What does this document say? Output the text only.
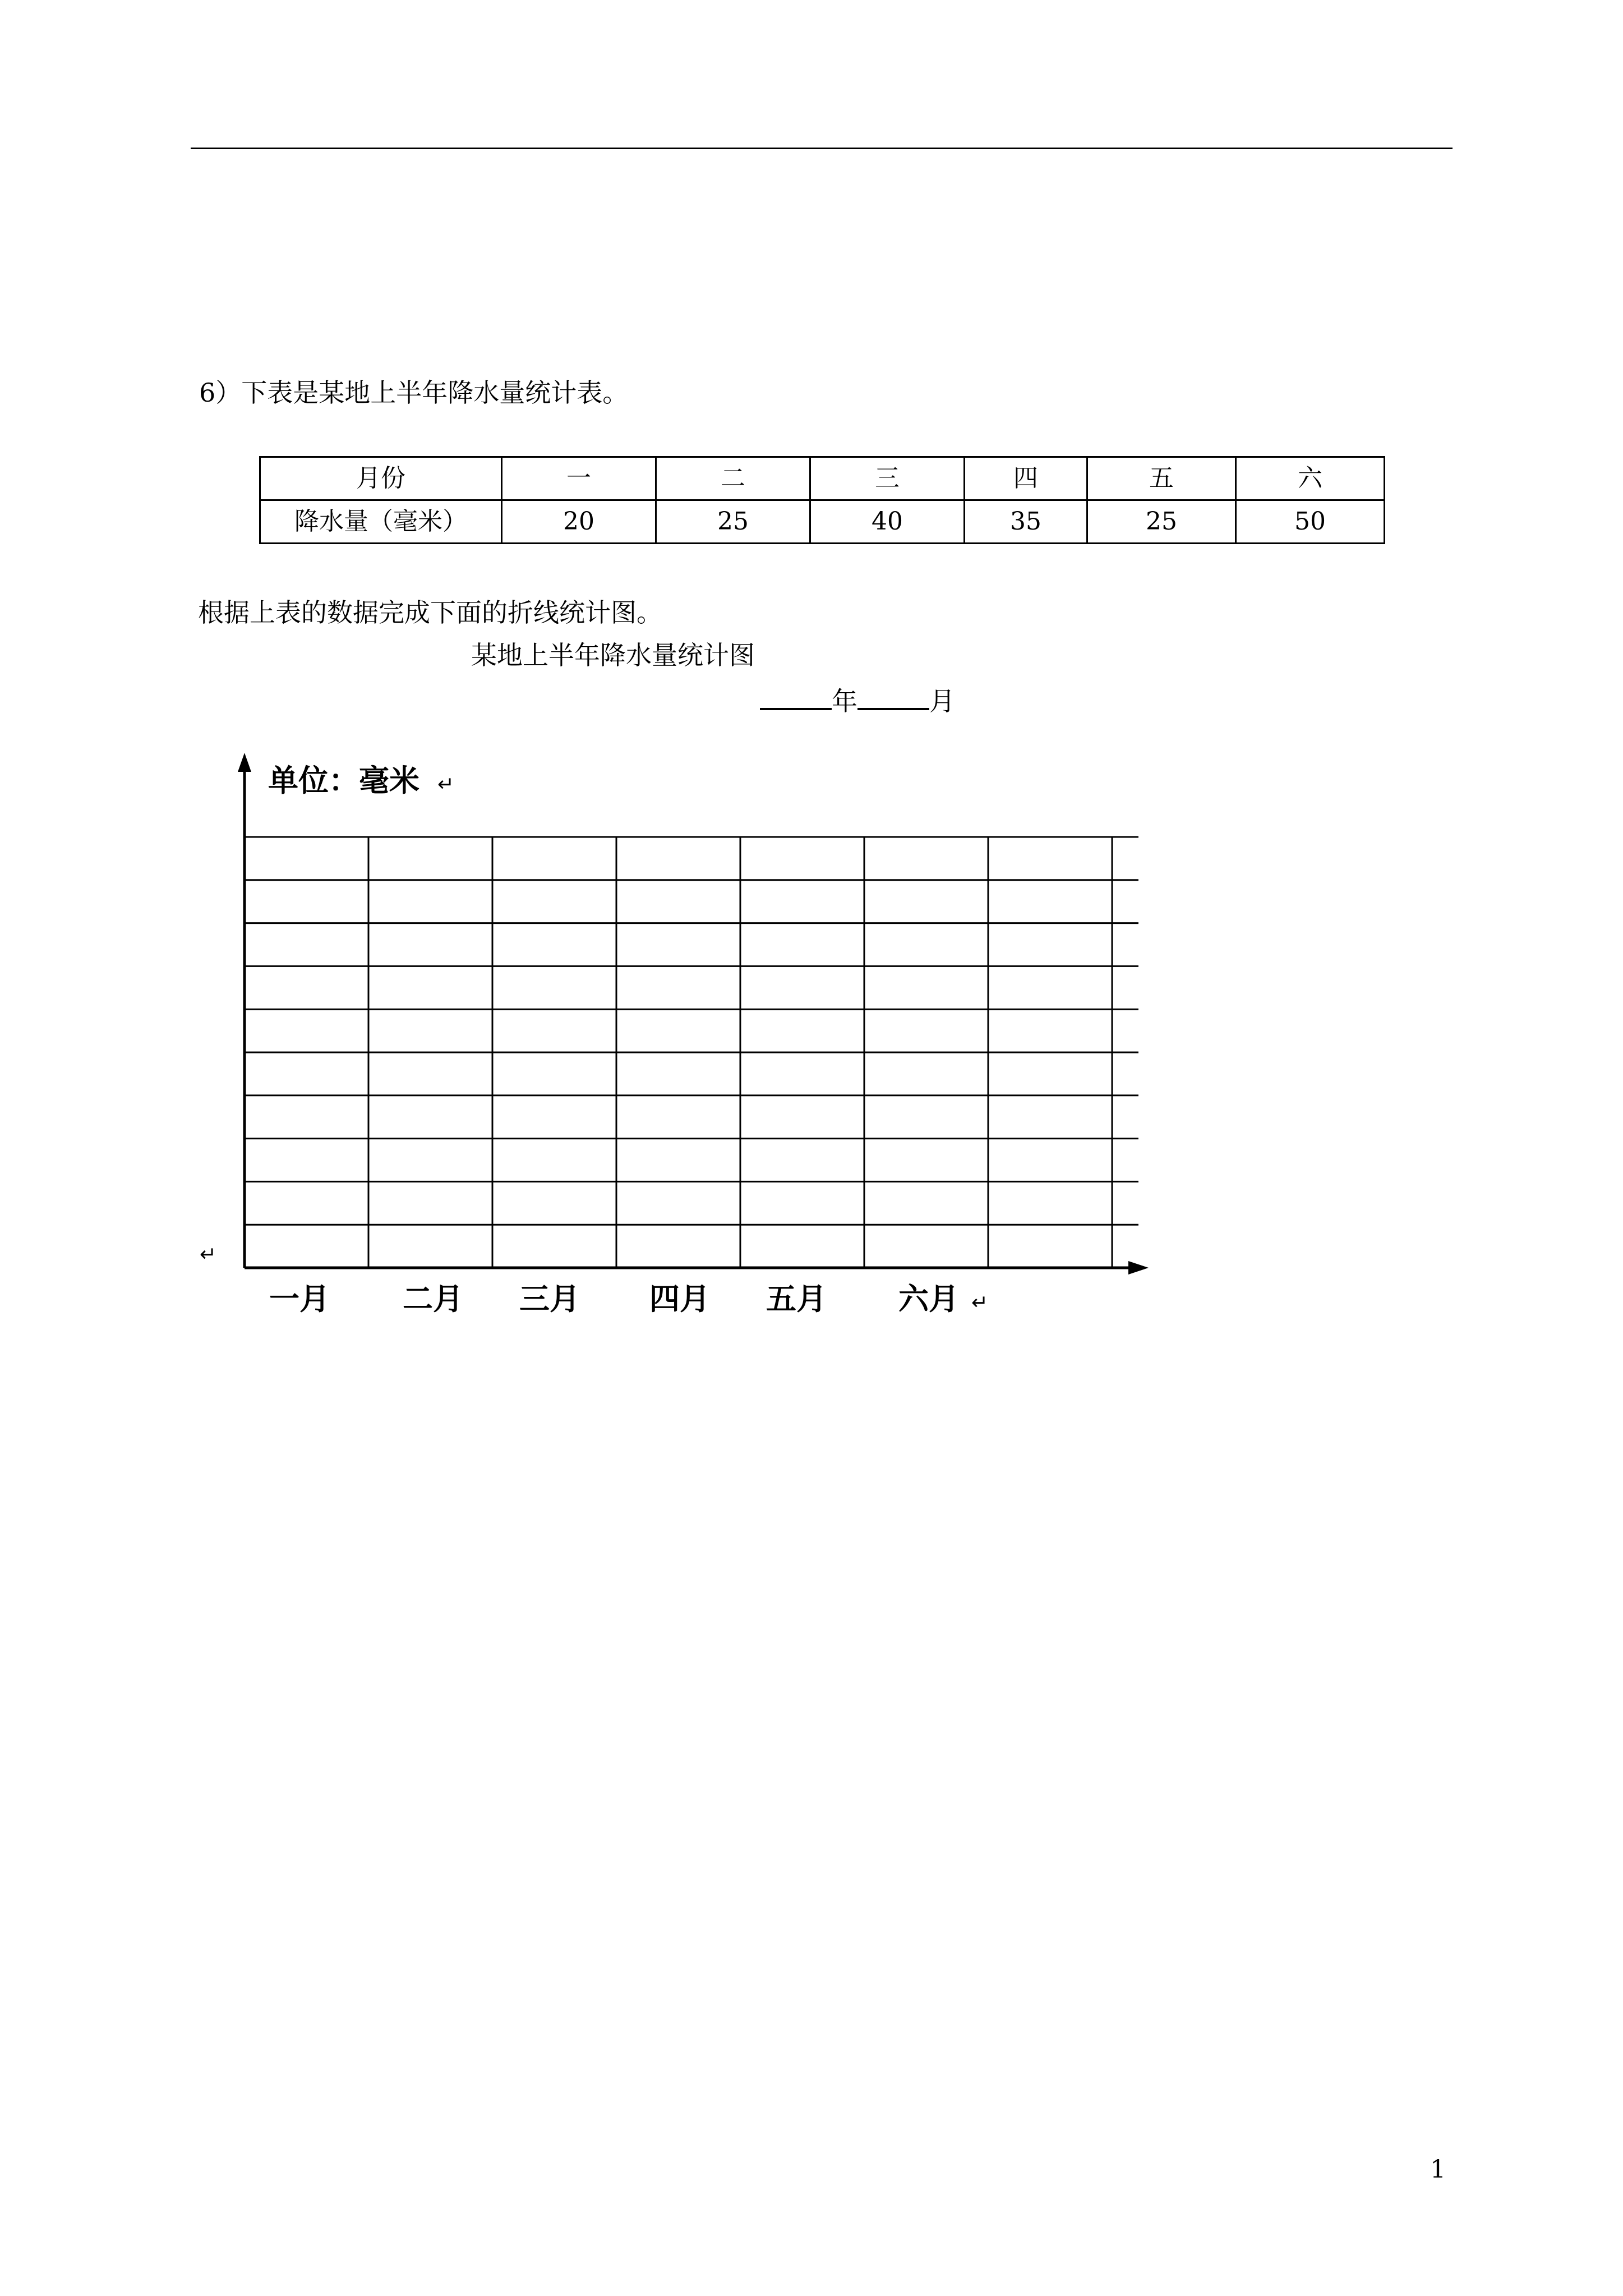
6）下表是某地上半年降水量统计表。
月份	一	二	三	四	五	六
降水量（毫米）	20	25	40	35	25	50
根据上表的数据完成下面的折线统计图。
某地上半年降水量统计图
年	月
单位：毫米 ↵
↵
一月 二月 三月 四月 五月 六月 ↵
1
